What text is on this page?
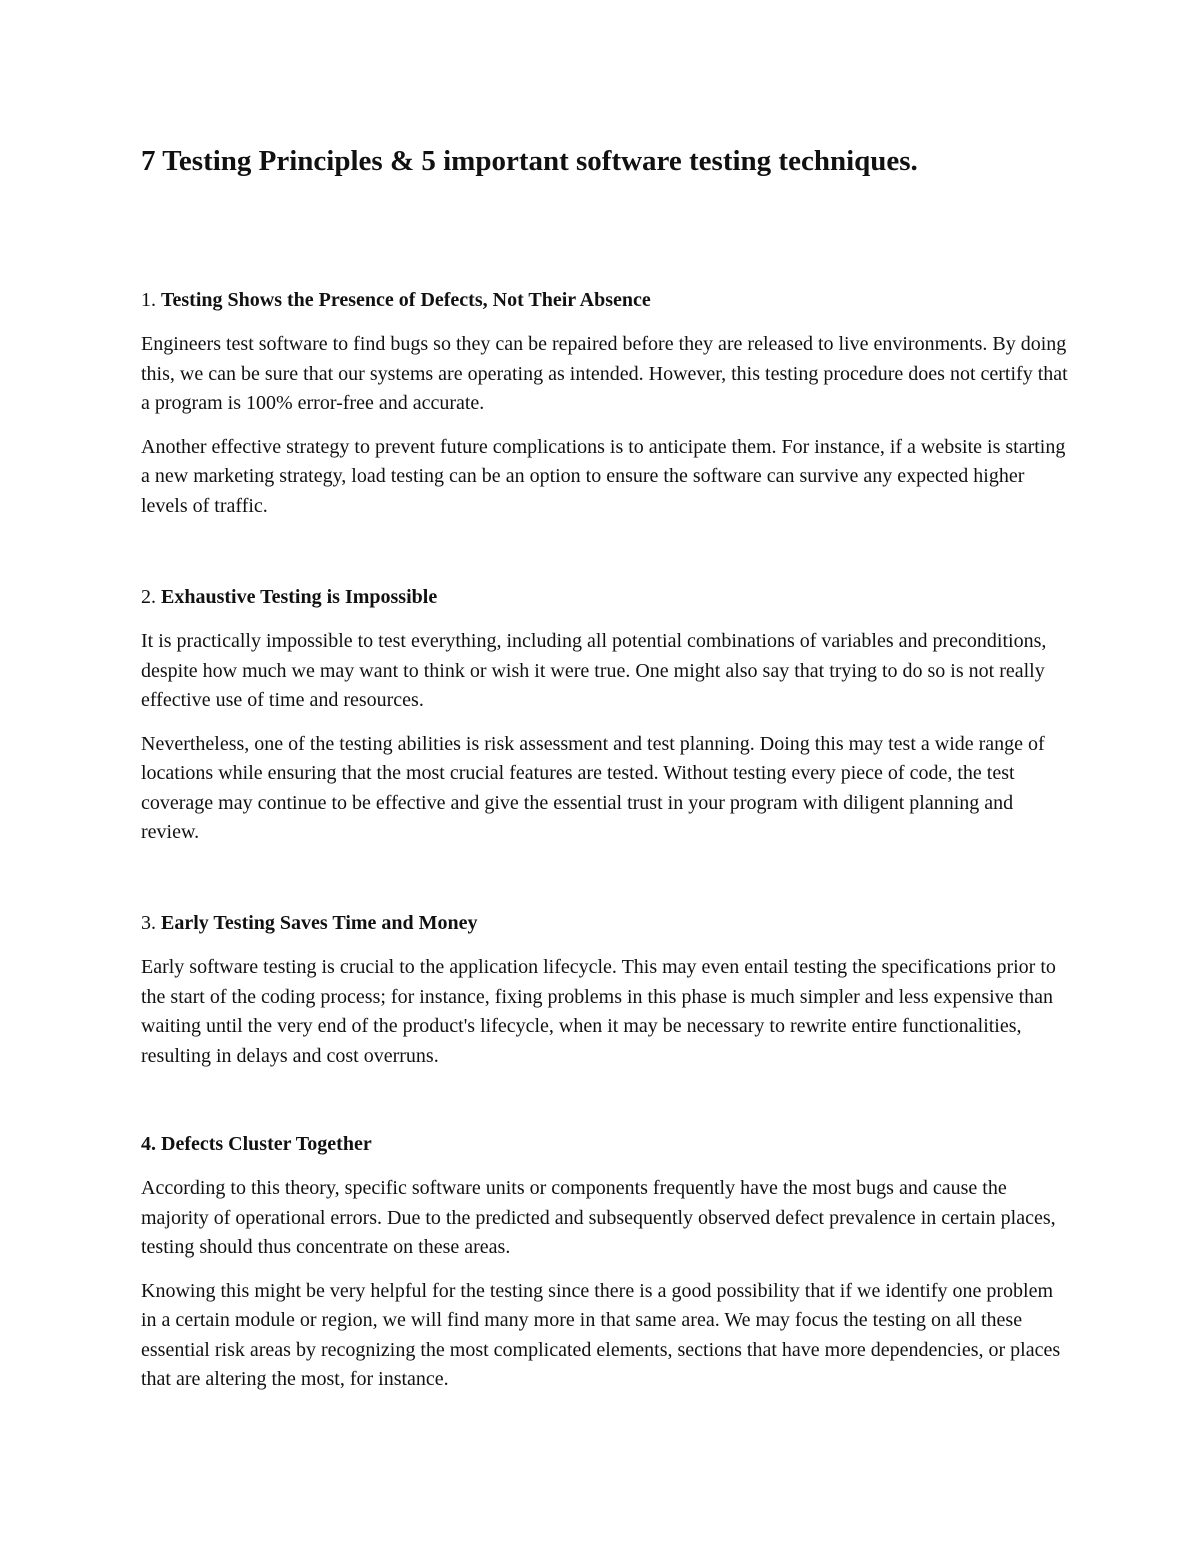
7 Testing Principles & 5 important software testing techniques.
1. Testing Shows the Presence of Defects, Not Their Absence

Engineers test software to find bugs so they can be repaired before they are released to live environments. By doing this, we can be sure that our systems are operating as intended. However, this testing procedure does not certify that a program is 100% error-free and accurate.

Another effective strategy to prevent future complications is to anticipate them. For instance, if a website is starting a new marketing strategy, load testing can be an option to ensure the software can survive any expected higher levels of traffic.

2. Exhaustive Testing is Impossible

It is practically impossible to test everything, including all potential combinations of variables and preconditions, despite how much we may want to think or wish it were true. One might also say that trying to do so is not really effective use of time and resources.

Nevertheless, one of the testing abilities is risk assessment and test planning. Doing this may test a wide range of locations while ensuring that the most crucial features are tested. Without testing every piece of code, the test coverage may continue to be effective and give the essential trust in your program with diligent planning and review.

3. Early Testing Saves Time and Money

Early software testing is crucial to the application lifecycle. This may even entail testing the specifications prior to the start of the coding process; for instance, fixing problems in this phase is much simpler and less expensive than waiting until the very end of the product's lifecycle, when it may be necessary to rewrite entire functionalities, resulting in delays and cost overruns.

4. Defects Cluster Together

According to this theory, specific software units or components frequently have the most bugs and cause the majority of operational errors. Due to the predicted and subsequently observed defect prevalence in certain places, testing should thus concentrate on these areas.

Knowing this might be very helpful for the testing since there is a good possibility that if we identify one problem in a certain module or region, we will find many more in that same area. We may focus the testing on all these essential risk areas by recognizing the most complicated elements, sections that have more dependencies, or places that are altering the most, for instance.
